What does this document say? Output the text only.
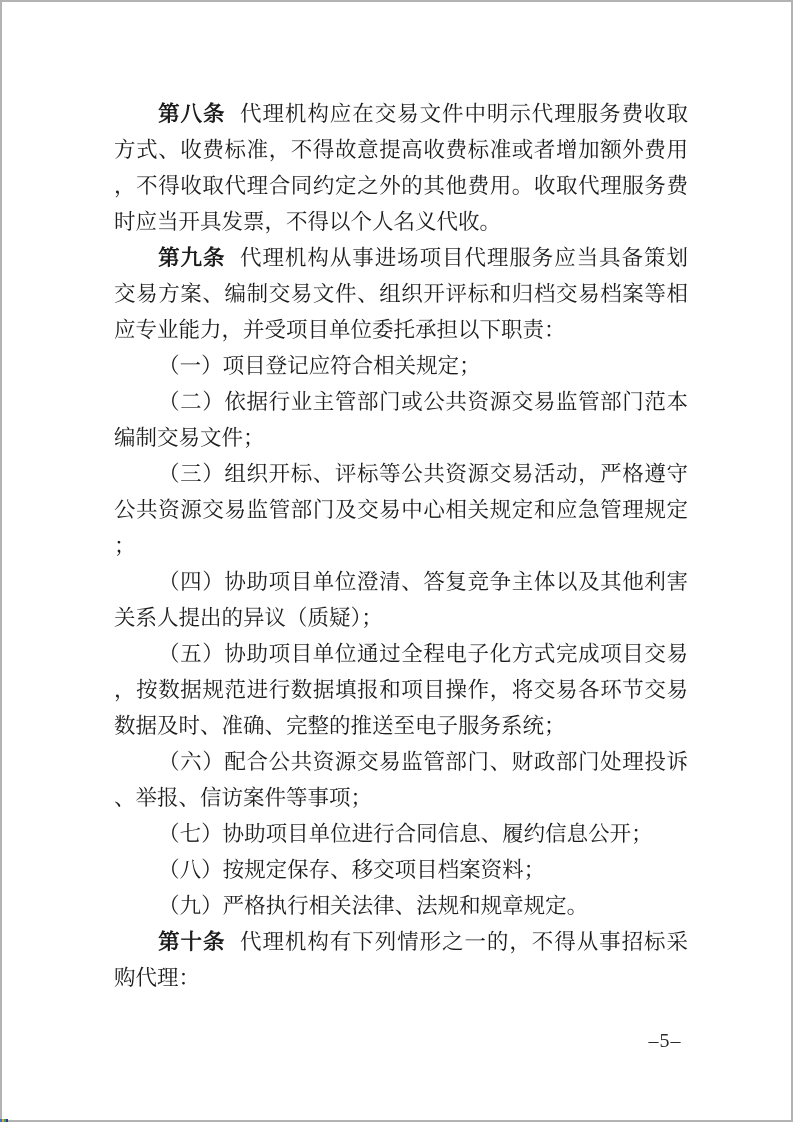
第八条 代理机构应在交易文件中明示代理服务费收取方式、收费标准，不得故意提高收费标准或者增加额外费用，不得收取代理合同约定之外的其他费用。收取代理服务费时应当开具发票，不得以个人名义代收。

第九条 代理机构从事进场项目代理服务应当具备策划交易方案、编制交易文件、组织开评标和归档交易档案等相应专业能力，并受项目单位委托承担以下职责：

（一）项目登记应符合相关规定；

（二）依据行业主管部门或公共资源交易监管部门范本编制交易文件；

（三）组织开标、评标等公共资源交易活动，严格遵守公共资源交易监管部门及交易中心相关规定和应急管理规定；

（四）协助项目单位澄清、答复竞争主体以及其他利害关系人提出的异议（质疑）；

（五）协助项目单位通过全程电子化方式完成项目交易，按数据规范进行数据填报和项目操作，将交易各环节交易数据及时、准确、完整的推送至电子服务系统；

（六）配合公共资源交易监管部门、财政部门处理投诉、举报、信访案件等事项；

（七）协助项目单位进行合同信息、履约信息公开；

（八）按规定保存、移交项目档案资料；

（九）严格执行相关法律、法规和规章规定。

第十条 代理机构有下列情形之一的，不得从事招标采购代理：

–5–
